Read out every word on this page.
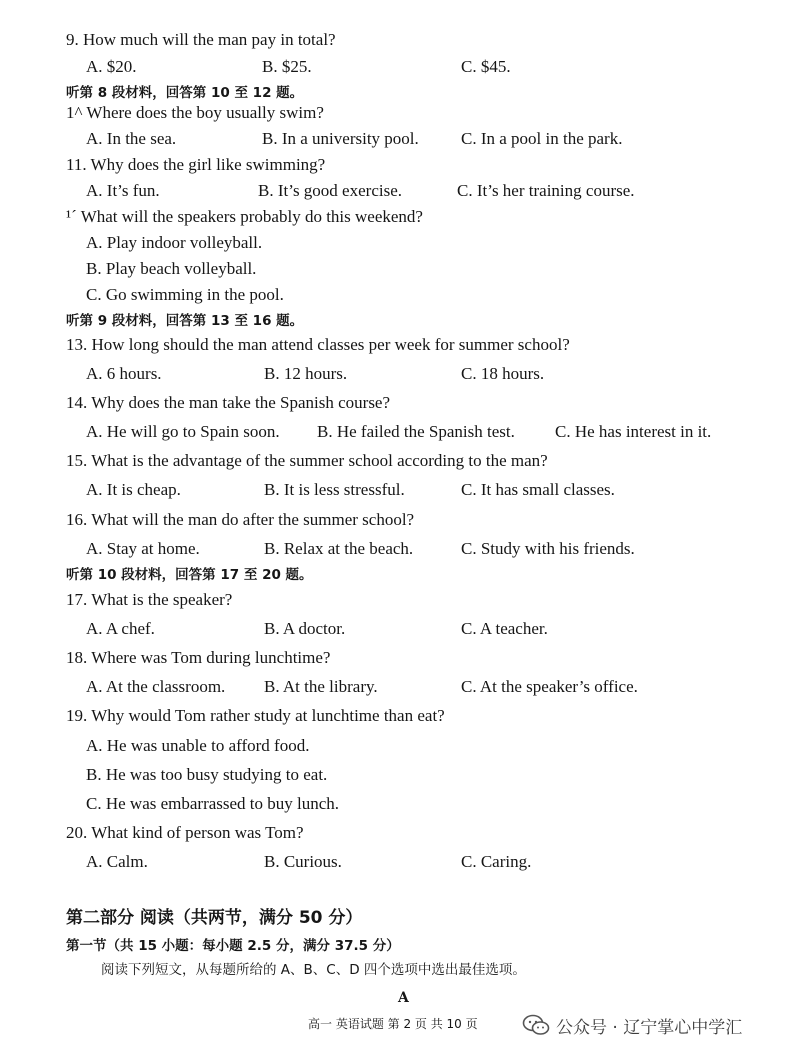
9. How much will the man pay in total?
A. $20.	B. $25.	C. $45.
听第 8 段材料，回答第 10 至 12 题。
1^ Where does the boy usually swim?
A. In the sea.	B. In a university pool. C. In a pool in the park.
11. Why does the girl like swimming?
A. It’s fun.	B. It’s good exercise.	C. It’s her training course.
¹´ What will the speakers probably do this weekend?
A. Play indoor volleyball.
B. Play beach volleyball.
C. Go swimming in the pool.
听第 9 段材料，回答第 13 至 16 题。
13. How long should the man attend classes per week for summer school?
A. 6 hours.	B. 12 hours.	C. 18 hours.
14. Why does the man take the Spanish course?
A. He will go to Spain soon. B. He failed the Spanish test. C. He has interest in it.
15. What is the advantage of the summer school according to the man?
A. It is cheap.	B. It is less stressful.	C. It has small classes.
16. What will the man do after the summer school?
A. Stay at home.	B. Relax at the beach.	C. Study with his friends.
听第 10 段材料，回答第 17 至 20 题。
17. What is the speaker?
A. A chef.	B. A doctor.	C. A teacher.
18. Where was Tom during lunchtime?
A. At the classroom. B. At the library.	C. At the speaker’s office.
19. Why would Tom rather study at lunchtime than eat?
A. He was unable to afford food.
B. He was too busy studying to eat.
C. He was embarrassed to buy lunch.
20. What kind of person was Tom?
A. Calm.	B. Curious.	C. Caring.
第二部分 阅读（共两节，满分 50 分）
第一节（共 15 小题：每小题 2.5 分，满分 37.5 分）
阅读下列短文，从每题所给的 A、B、C、D 四个选项中选出最佳选项。
A
高一 英语试题 第 2 页 共 10 页	公众号 · 辽宁掌心中学汇
